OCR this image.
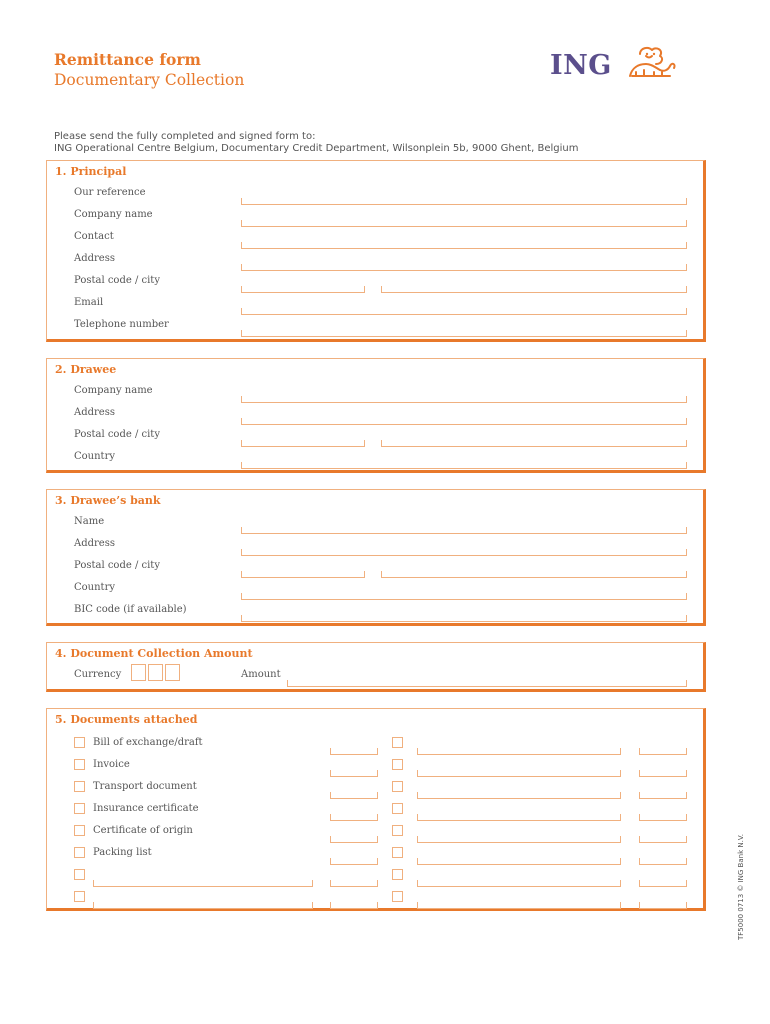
Remittance form
Documentary Collection	ING
Please send the fully completed and signed form to:
ING Operational Centre Belgium, Documentary Credit Department, Wilsonplein 5b, 9000 Ghent, Belgium
1. Principal
Our reference
Company name
Contact
Address
Postal code / city
Email
Telephone number
2. Drawee
Company name
Address
Postal code / city
Country
3. Drawee’s bank
Name
Address
Postal code / city
Country
BIC code (if available)
4. Document Collection Amount
Currency	Amount
5. Documents attached
Bill of exchange/draft
Invoice
Transport document
Insurance certificate
Certificate of origin
Packing list	TF5000 0713 © ING Bank N.V.
